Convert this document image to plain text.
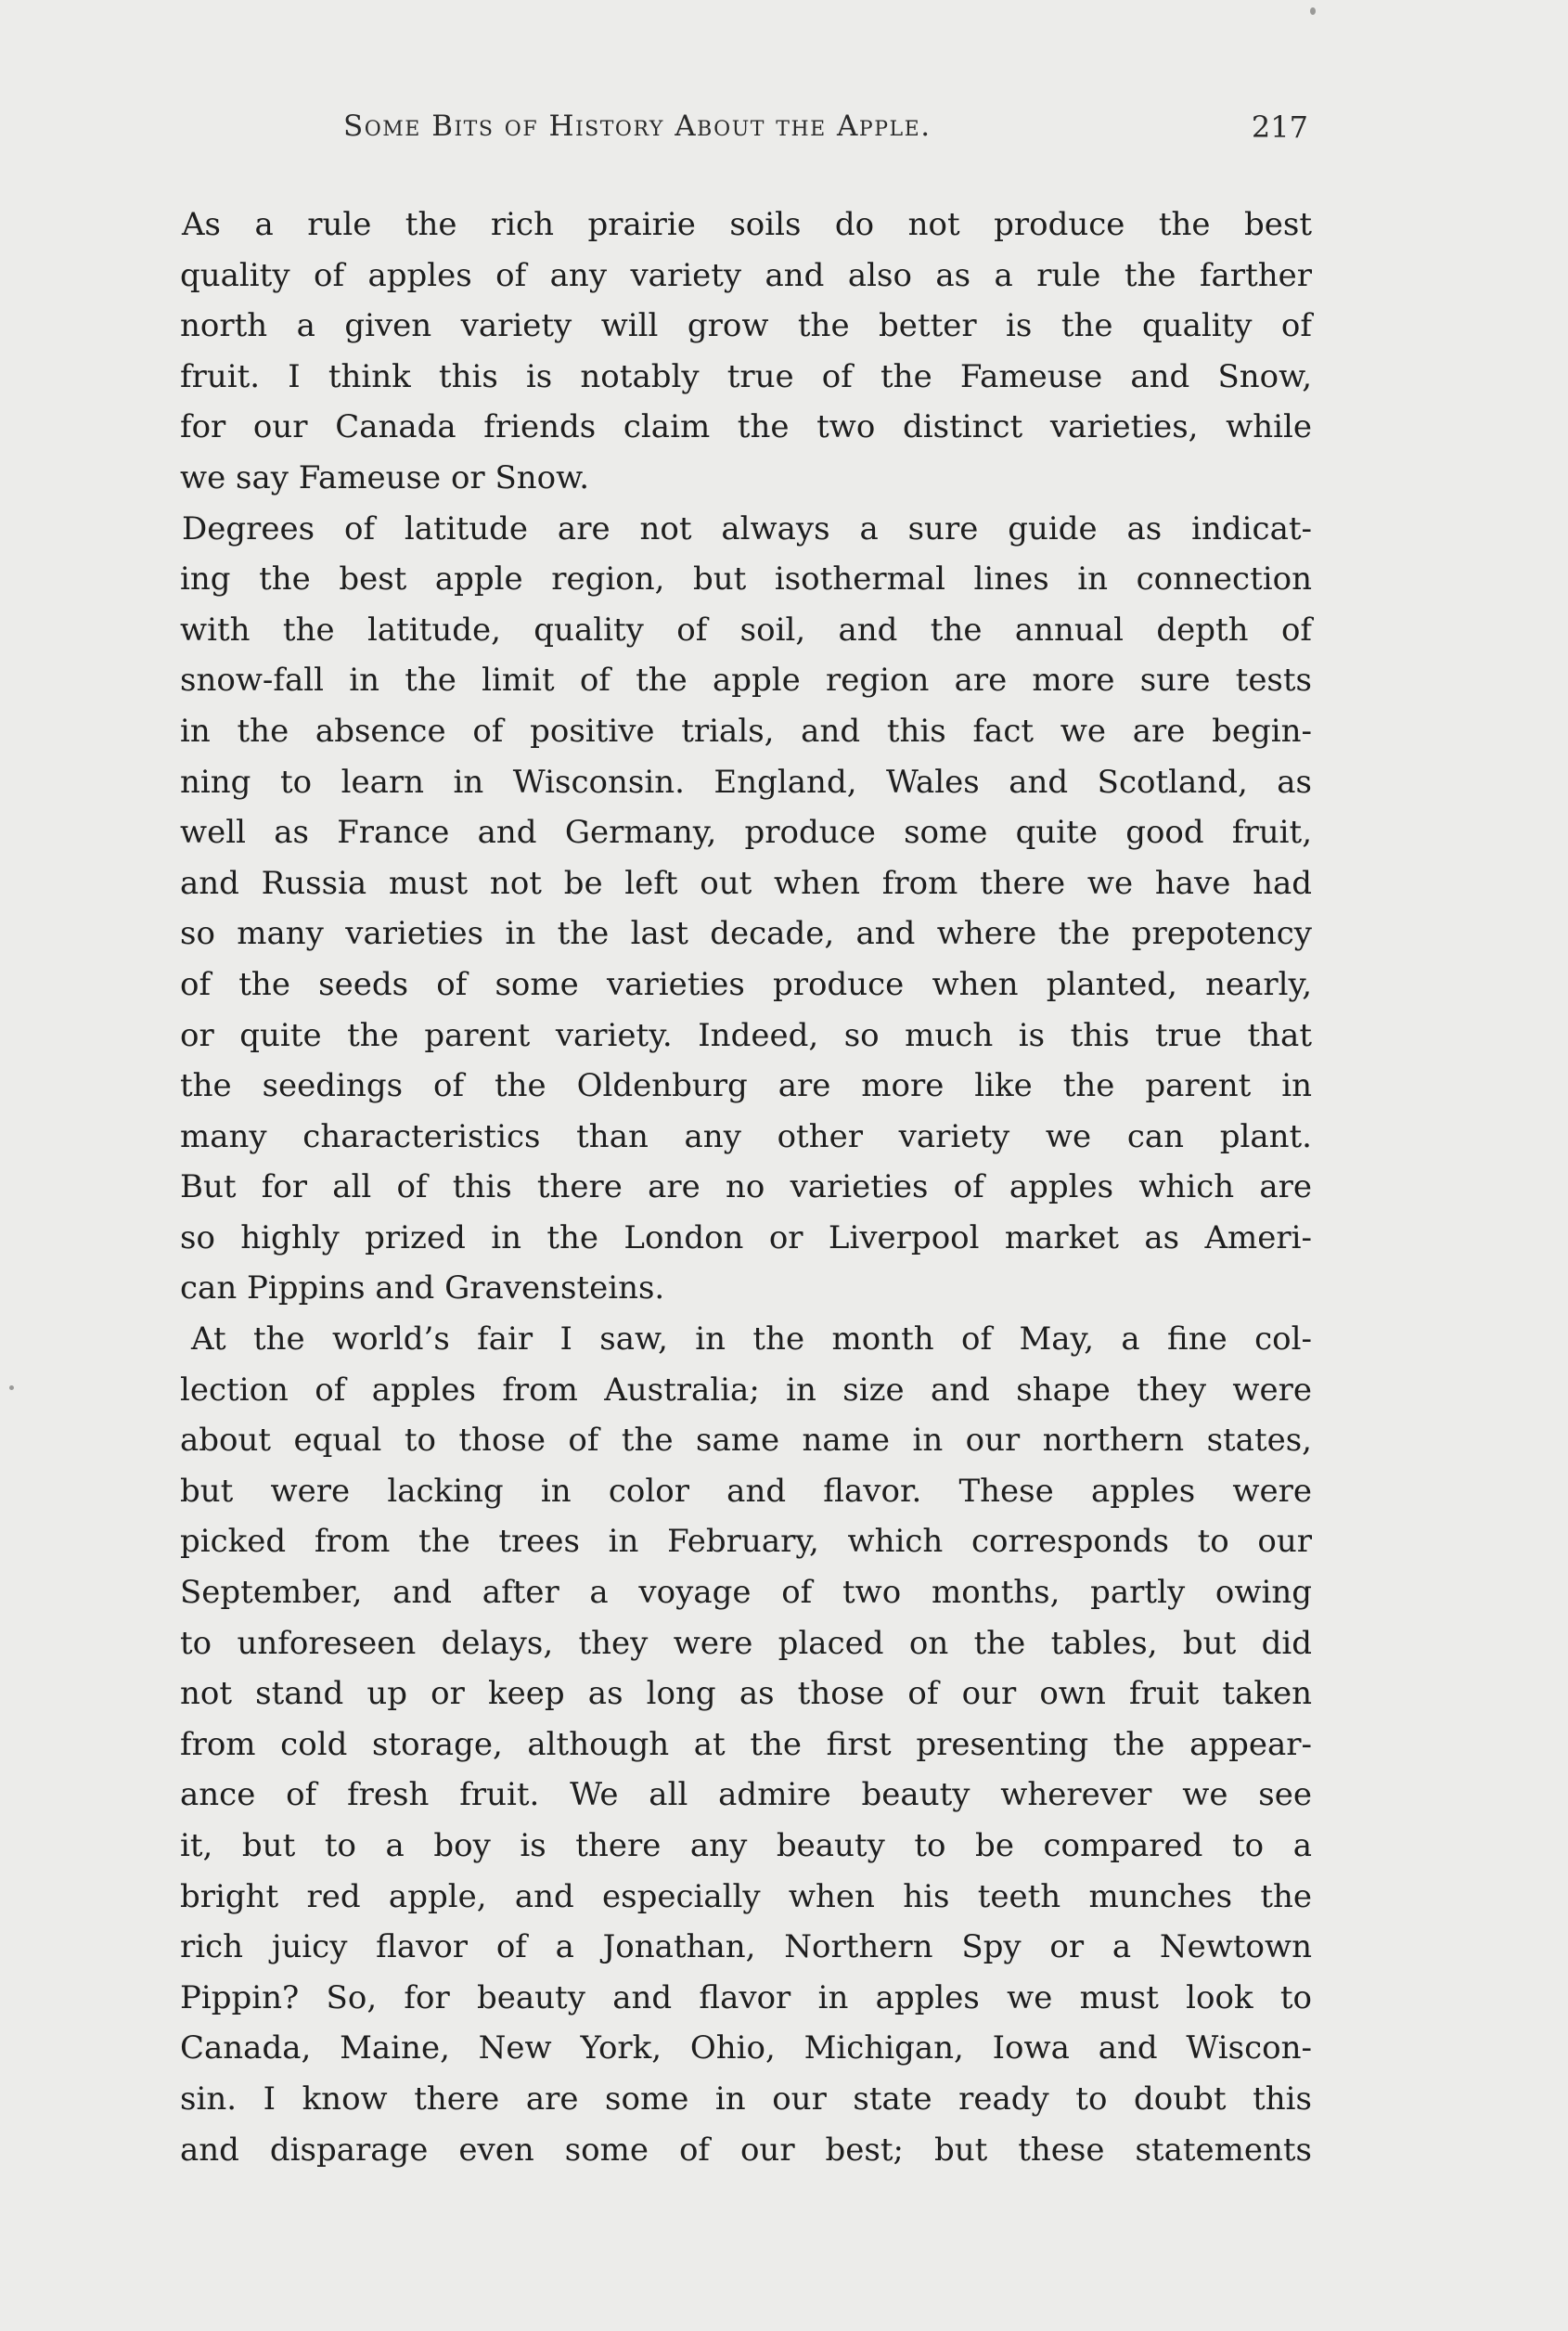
Some Bits of History About the Apple.	217
As a rule the rich prairie soils do not produce the best
quality of apples of any variety and also as a rule the farther
north a given variety will grow the better is the quality of
fruit. I think this is notably true of the Fameuse and Snow,
for our Canada friends claim the two distinct varieties, while
we say Fameuse or Snow.
Degrees of latitude are not always a sure guide as indicat-
ing the best apple region, but isothermal lines in connection
with the latitude, quality of soil, and the annual depth of
snow-fall in the limit of the apple region are more sure tests
in the absence of positive trials, and this fact we are begin-
ning to learn in Wisconsin. England, Wales and Scotland, as
well as France and Germany, produce some quite good fruit,
and Russia must not be left out when from there we have had
so many varieties in the last decade, and where the prepotency
of the seeds of some varieties produce when planted, nearly,
or quite the parent variety. Indeed, so much is this true that
the seedings of the Oldenburg are more like the parent in
many characteristics than any other variety we can plant.
But for all of this there are no varieties of apples which are
so highly prized in the London or Liverpool market as Ameri-
can Pippins and Gravensteins.
At the world’s fair I saw, in the month of May, a fine col-
lection of apples from Australia; in size and shape they were
about equal to those of the same name in our northern states,
but were lacking in color and flavor. These apples were
picked from the trees in February, which corresponds to our
September, and after a voyage of two months, partly owing
to unforeseen delays, they were placed on the tables, but did
not stand up or keep as long as those of our own fruit taken
from cold storage, although at the first presenting the appear-
ance of fresh fruit. We all admire beauty wherever we see
it, but to a boy is there any beauty to be compared to a
bright red apple, and especially when his teeth munches the
rich juicy flavor of a Jonathan, Northern Spy or a Newtown
Pippin? So, for beauty and flavor in apples we must look to
Canada, Maine, New York, Ohio, Michigan, Iowa and Wiscon-
sin. I know there are some in our state ready to doubt this
and disparage even some of our best; but these statements
